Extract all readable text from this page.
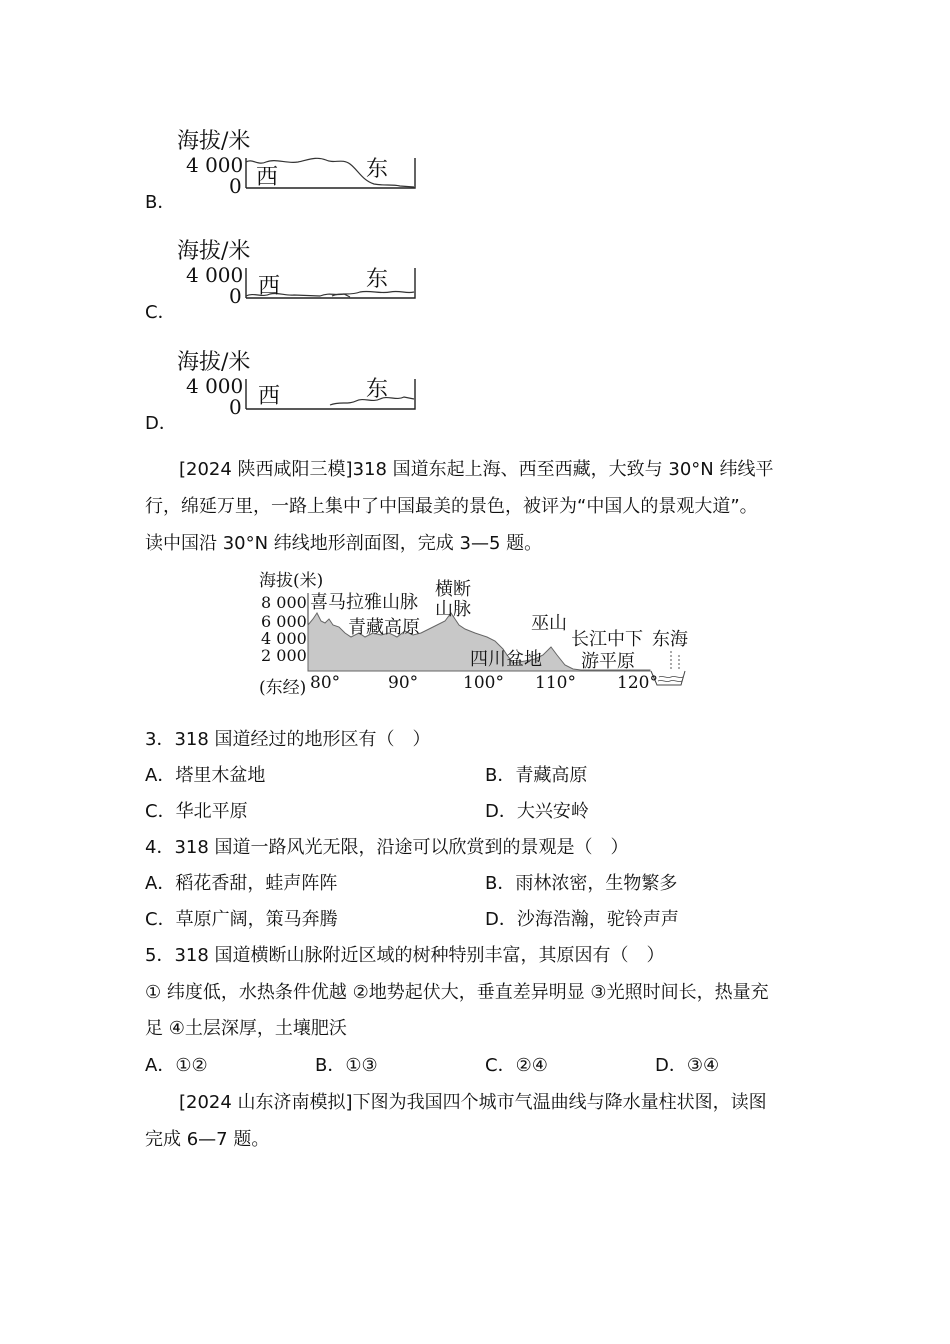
海拔/米
4 000
0 西	东
B．
海拔/米
4 000
0 西	东
C．
海拔/米
4 000
0 西	东
D．
[2024 陕西咸阳三模]318 国道东起上海、西至西藏，大致与 30°N 纬线平
行，绵延万里，一路上集中了中国最美的景色，被评为“中国人的景观大道”。
读中国沿 30°N 纬线地形剖面图，完成 3—5 题。
海拔(米)
8 000
6 000
4 000
2 000
(东经) 80°	90°	100° 110° 120°
喜马拉雅山脉
青藏高原
横断
山脉
巫山
四川盆地
长江中下
游平原
东海
3．318 国道经过的地形区有（　）
A．塔里木盆地	B．青藏高原
C．华北平原	D．大兴安岭
4．318 国道一路风光无限，沿途可以欣赏到的景观是（　）
A．稻花香甜，蛙声阵阵	B．雨林浓密，生物繁多
C．草原广阔，策马奔腾	D．沙海浩瀚，驼铃声声
5．318 国道横断山脉附近区域的树种特别丰富，其原因有（　）
① 纬度低，水热条件优越 ②地势起伏大，垂直差异明显 ③光照时间长，热量充
足 ④土层深厚，土壤肥沃
A．①②	B．①③	C．②④	D．③④
[2024 山东济南模拟]下图为我国四个城市气温曲线与降水量柱状图，读图
完成 6—7 题。
